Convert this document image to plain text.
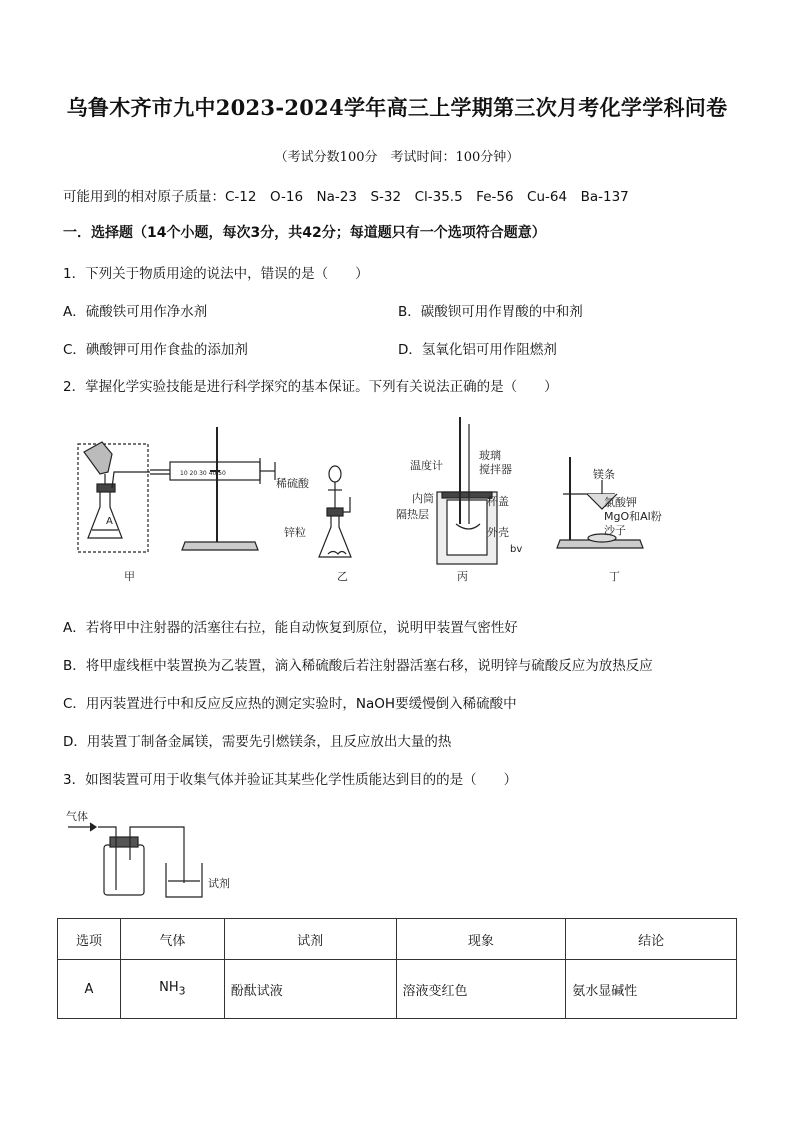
乌鲁木齐市九中2023-2024学年高三上学期第三次月考化学学科问卷
（考试分数100分　考试时间：100分钟）
可能用到的相对原子质量：C-12　O-16　Na-23　S-32　Cl-35.5　Fe-56　Cu-64　Ba-137
一．选择题（14个小题，每次3分，共42分；每道题只有一个选项符合题意）
1．下列关于物质用途的说法中，错误的是（　　）
A．硫酸铁可用作净水剂	B．碳酸钡可用作胃酸的中和剂
C．碘酸钾可用作食盐的添加剂	D．氢氧化铝可用作阻燃剂
2．掌握化学实验技能是进行科学探究的基本保证。下列有关说法正确的是（　　）
A
10 20 30 40 50
稀硫酸
锌粒
温度计
玻璃
搅拌器
内筒	杯盖
隔热层
外壳
bv
镁条
氯酸钾
MgO和Al粉
沙子
甲	乙	丙	丁
A．若将甲中注射器的活塞往右拉，能自动恢复到原位，说明甲装置气密性好
B．将甲虚线框中装置换为乙装置，滴入稀硫酸后若注射器活塞右移，说明锌与硫酸反应为放热反应
C．用丙装置进行中和反应反应热的测定实验时，NaOH要缓慢倒入稀硫酸中
D．用装置丁制备金属镁，需要先引燃镁条，且反应放出大量的热
3．如图装置可用于收集气体并验证其某些化学性质能达到目的的是（　　）
气体
试剂
选项	气体	试剂	现象	结论
A	$NH_3$	酚酞试液	溶液变红色	氨水显碱性
